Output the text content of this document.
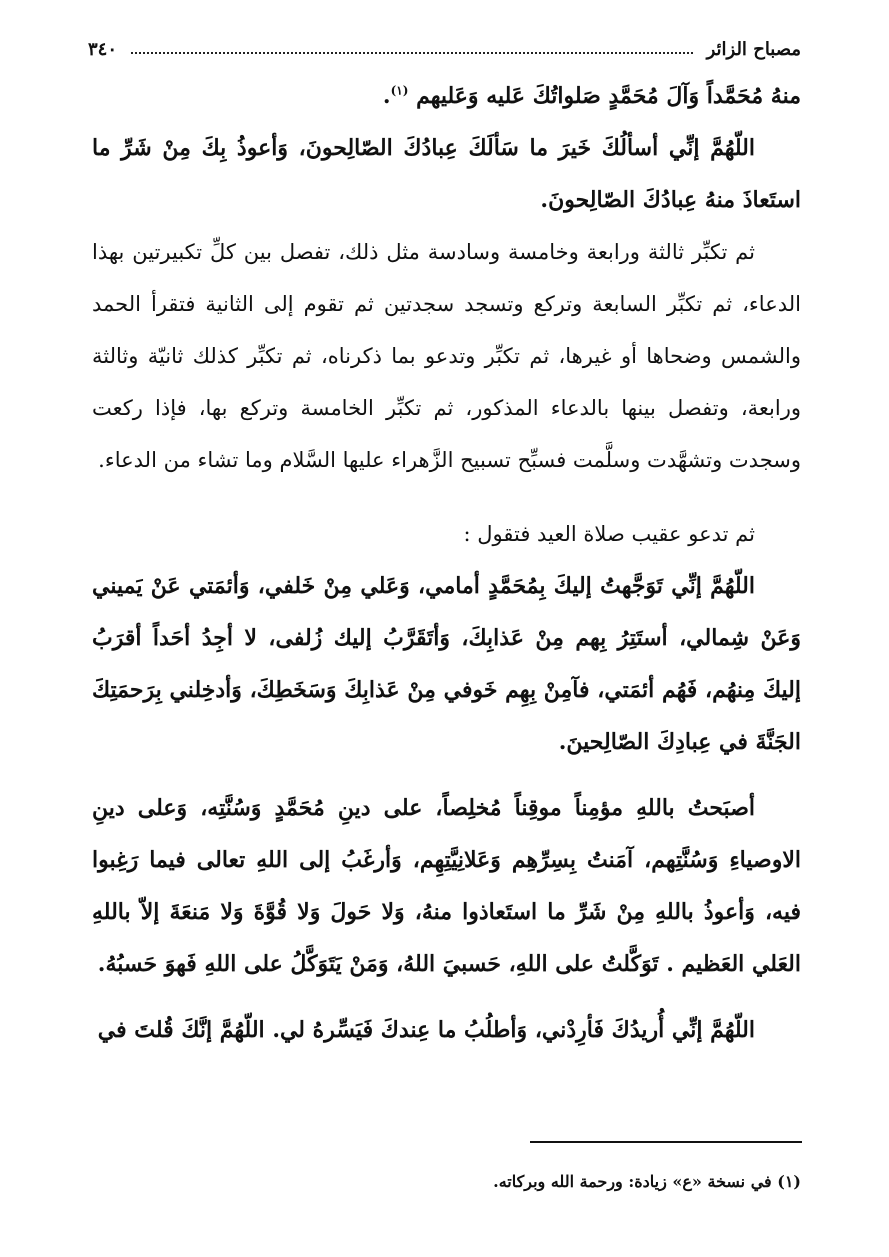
مصباح الزائر
٣٤٠

منهُ مُحَمَّداً وَآلَ مُحَمَّدٍ صَلواتُكَ عَليه وَعَليهم $^{(١)}$.

اللّهُمَّ إنِّي أسألُكَ خَيرَ ما سَألَكَ عِبادُكَ الصّالِحونَ، وَأعوذُ بِكَ مِنْ شَرِّ ما استَعاذَ منهُ عِبادُكَ الصّالِحونَ.

ثم تكبِّر ثالثة ورابعة وخامسة وسادسة مثل ذلك، تفصل بين كلِّ تكبيرتين بهذا الدعاء، ثم تكبِّر السابعة وتركع وتسجد سجدتين ثم تقوم إلى الثانية فتقرأ الحمد والشمس وضحاها أو غيرها، ثم تكبِّر وتدعو بما ذكرناه، ثم تكبِّر كذلك ثانيّة وثالثة ورابعة، وتفصل بينها بالدعاء المذكور، ثم تكبِّر الخامسة وتركع بها، فإذا ركعت وسجدت وتشهَّدت وسلَّمت فسبِّح تسبيح الزَّهراء عليها السَّلام وما تشاء من الدعاء.

ثم تدعو عقيب صلاة العيد فتقول :

اللّهُمَّ إنِّي تَوَجَّهتُ إليكَ بِمُحَمَّدٍ أمامي، وَعَلي مِنْ خَلفي، وَأئمَتي عَنْ يَميني وَعَنْ شِمالي، أستَتِرُ بِهم مِنْ عَذابِكَ، وَأتَقَرَّبُ إليك زُلفى، لا أجِدُ أحَداً أقرَبُ إليكَ مِنهُم، فَهُم أئمَتي، فآمِنْ بِهِم خَوفي مِنْ عَذابِكَ وَسَخَطِكَ، وَأدخِلني بِرَحمَتِكَ الجَنَّةَ في عِبادِكَ الصّالِحينَ.

أصبَحتُ باللهِ مؤمِناً موقِناً مُخلِصاً، على دينِ مُحَمَّدٍ وَسُنَّتِه، وَعلى دينِ الاوصياءِ وَسُنَّتِهم، آمَنتُ بِسِرِّهِم وَعَلانِيَّتِهِم، وَأرغَبُ إلى اللهِ تعالى فيما رَغِبوا فيه، وَأعوذُ باللهِ مِنْ شَرِّ ما استَعاذوا منهُ، وَلا حَولَ وَلا قُوَّةَ وَلا مَنعَةَ إلاّ باللهِ العَلي العَظيم . تَوَكَّلتُ على اللهِ، حَسبيَ اللهُ، وَمَنْ يَتَوَكَّلُ على اللهِ فَهوَ حَسبُهُ.

اللّهُمَّ إنِّي أُريدُكَ فَأرِدْني، وَأطلُبُ ما عِندكَ فَيَسِّرهُ لي. اللّهُمَّ إنَّكَ قُلتَ في

(١) في نسخة «ع» زيادة: ورحمة الله وبركاته.
